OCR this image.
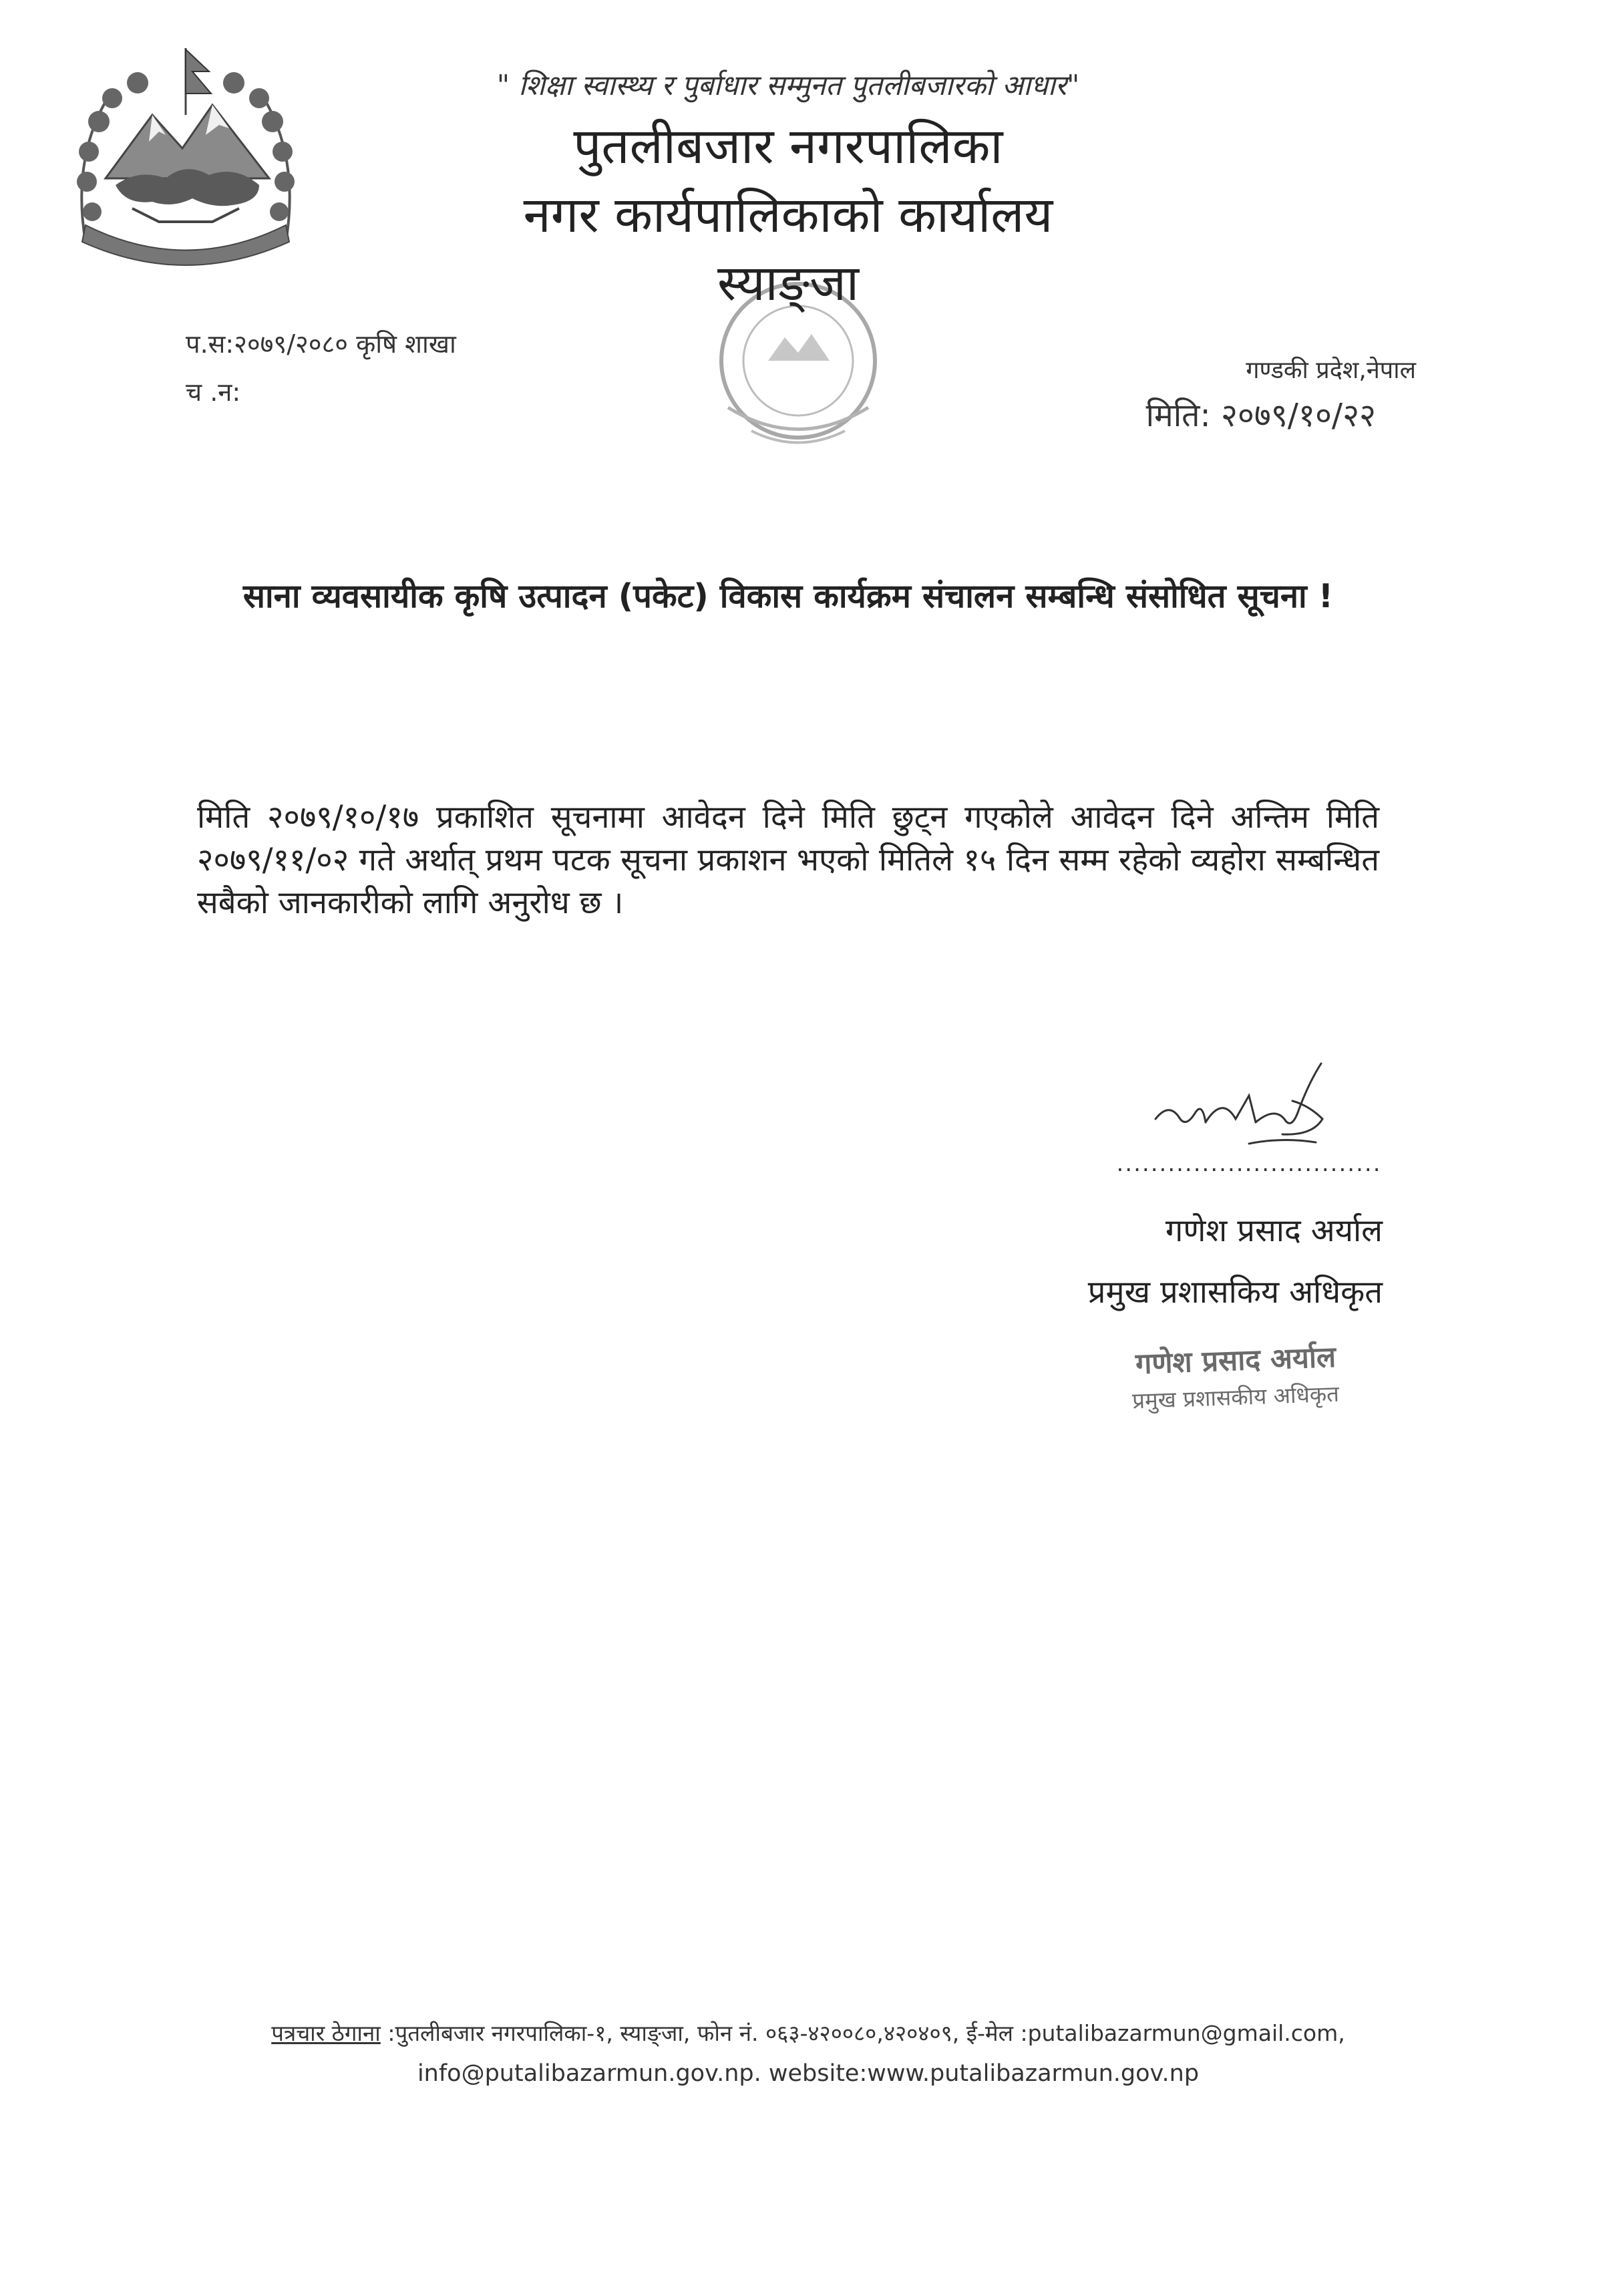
" शिक्षा स्वास्थ्य र पुर्बाधार सम्मुनत पुतलीबजारको आधार"
पुतलीबजार नगरपालिका
नगर कार्यपालिकाको कार्यालय
स्याङ्जा
प.स:२०७९/२०८० कृषि शाखा
च .न:
गण्डकी प्रदेश,नेपाल
मिति: २०७९/१०/२२
साना व्यवसायीक कृषि उत्पादन (पकेट) विकास कार्यक्रम संचालन सम्बन्धि संसोधित सूचना !
मिति २०७९/१०/१७ प्रकाशित सूचनामा आवेदन दिने मिति छुट्न गएकोले आवेदन दिने अन्तिम मिति २०७९/११/०२ गते अर्थात् प्रथम पटक सूचना प्रकाशन भएको मितिले १५ दिन सम्म रहेको व्यहोरा सम्बन्धित सबैको जानकारीको लागि अनुरोध छ ।
...............................
गणेश प्रसाद अर्याल
प्रमुख प्रशासकिय अधिकृत
गणेश प्रसाद अर्याल
प्रमुख प्रशासकीय अधिकृत
पत्रचार ठेगाना :पुतलीबजार नगरपालिका-१, स्याङ्जा, फोन नं. ०६३-४२००८०,४२०४०९, ई-मेल :putalibazarmun@gmail.com,
info@putalibazarmun.gov.np. website:www.putalibazarmun.gov.np
